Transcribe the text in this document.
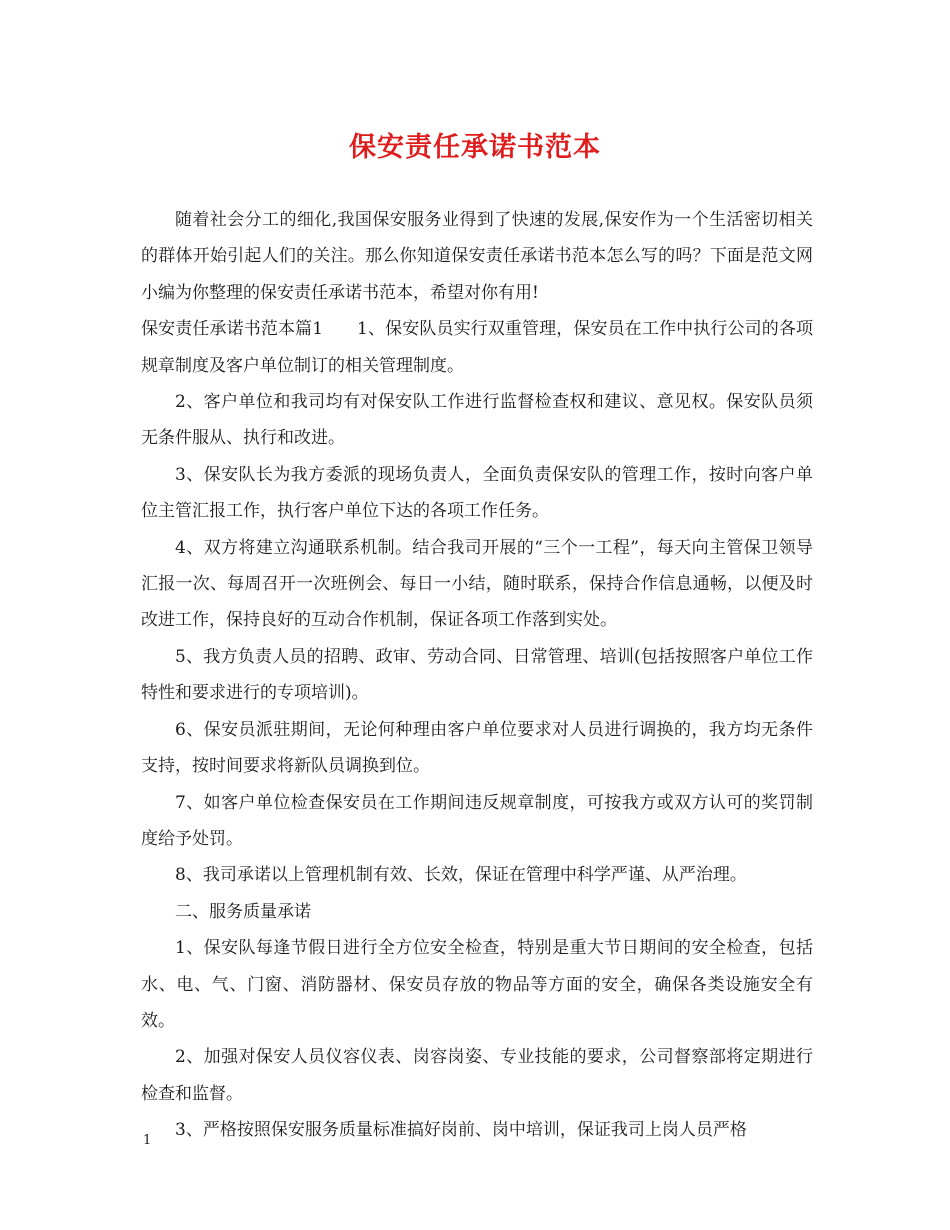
保安责任承诺书范本

随着社会分工的细化,我国保安服务业得到了快速的发展,保安作为一个生活密切相关的群体开始引起人们的关注。那么你知道保安责任承诺书范本怎么写的吗？下面是范文网小编为你整理的保安责任承诺书范本，希望对你有用!

保安责任承诺书范本篇1 1、保安队员实行双重管理，保安员在工作中执行公司的各项规章制度及客户单位制订的相关管理制度。

2、客户单位和我司均有对保安队工作进行监督检查权和建议、意见权。保安队员须无条件服从、执行和改进。

3、保安队长为我方委派的现场负责人，全面负责保安队的管理工作，按时向客户单位主管汇报工作，执行客户单位下达的各项工作任务。

4、双方将建立沟通联系机制。结合我司开展的“三个一工程”，每天向主管保卫领导汇报一次、每周召开一次班例会、每日一小结，随时联系，保持合作信息通畅，以便及时改进工作，保持良好的互动合作机制，保证各项工作落到实处。

5、我方负责人员的招聘、政审、劳动合同、日常管理、培训(包括按照客户单位工作特性和要求进行的专项培训)。

6、保安员派驻期间，无论何种理由客户单位要求对人员进行调换的，我方均无条件支持，按时间要求将新队员调换到位。

7、如客户单位检查保安员在工作期间违反规章制度，可按我方或双方认可的奖罚制度给予处罚。

8、我司承诺以上管理机制有效、长效，保证在管理中科学严谨、从严治理。

二、服务质量承诺

1、保安队每逢节假日进行全方位安全检查，特别是重大节日期间的安全检查，包括水、电、气、门窗、消防器材、保安员存放的物品等方面的安全，确保各类设施安全有效。

2、加强对保安人员仪容仪表、岗容岗姿、专业技能的要求，公司督察部将定期进行检查和监督。

3、严格按照保安服务质量标准搞好岗前、岗中培训，保证我司上岗人员严格

1
